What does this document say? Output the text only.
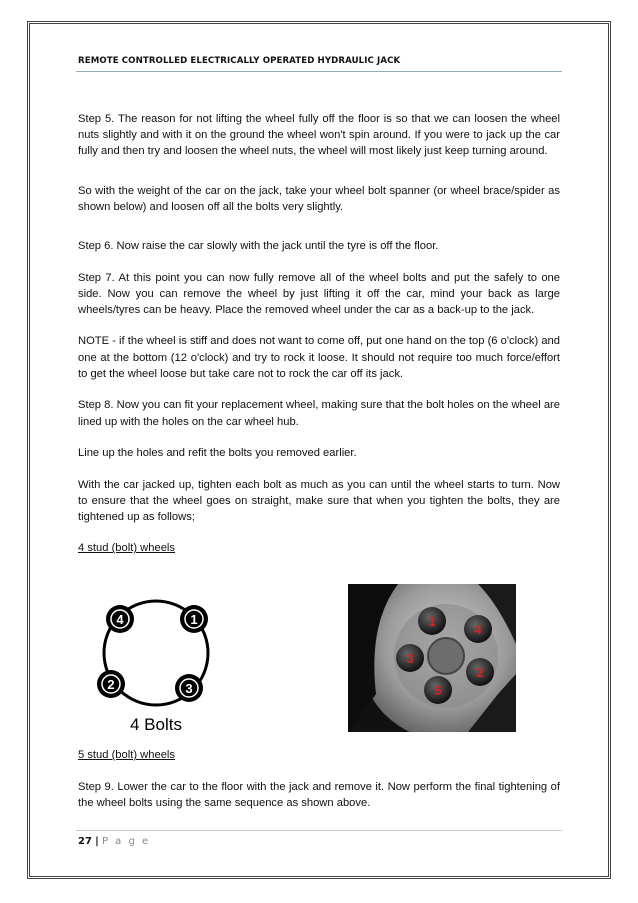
REMOTE CONTROLLED ELECTRICALLY OPERATED HYDRAULIC JACK

Step 5. The reason for not lifting the wheel fully off the floor is so that we can loosen the wheel nuts slightly and with it on the ground the wheel won't spin around. If you were to jack up the car fully and then try and loosen the wheel nuts, the wheel will most likely just keep turning around.

So with the weight of the car on the jack, take your wheel bolt spanner (or wheel brace/spider as shown below) and loosen off all the bolts very slightly.

Step 6. Now raise the car slowly with the jack until the tyre is off the floor.

Step 7. At this point you can now fully remove all of the wheel bolts and put the safely to one side. Now you can remove the wheel by just lifting it off the car, mind your back as large wheels/tyres can be heavy. Place the removed wheel under the car as a back-up to the jack.

NOTE - if the wheel is stiff and does not want to come off, put one hand on the top (6 o'clock) and one at the bottom (12 o'clock) and try to rock it loose. It should not require too much force/effort to get the wheel loose but take care not to rock the car off its jack.

Step 8. Now you can fit your replacement wheel, making sure that the bolt holes on the wheel are lined up with the holes on the car wheel hub.

Line up the holes and refit the bolts you removed earlier.

With the car jacked up, tighten each bolt as much as you can until the wheel starts to turn. Now to ensure that the wheel goes on straight, make sure that when you tighten the bolts, they are tightened up as follows;

4 stud (bolt) wheels

4	1
2	3
4 Bolts
1
4
3
2
5

5 stud (bolt) wheels

Step 9. Lower the car to the floor with the jack and remove it. Now perform the final tightening of the wheel bolts using the same sequence as shown above.

27 | P a g e
